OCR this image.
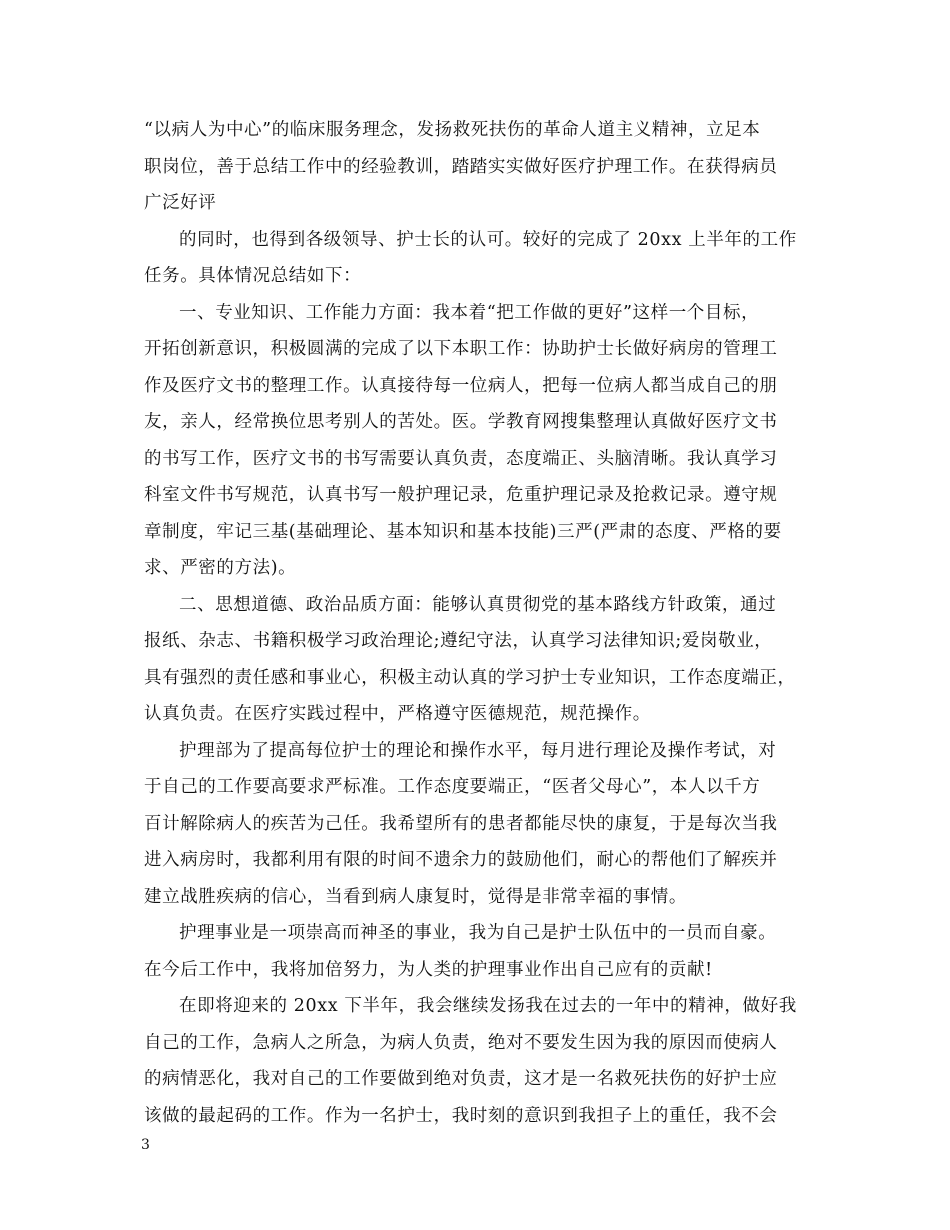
“以病人为中心”的临床服务理念，发扬救死扶伤的革命人道主义精神，立足本
职岗位，善于总结工作中的经验教训，踏踏实实做好医疗护理工作。在获得病员
广泛好评
的同时，也得到各级领导、护士长的认可。较好的完成了 20xx 上半年的工作
任务。具体情况总结如下：
一、专业知识、工作能力方面：我本着“把工作做的更好”这样一个目标，
开拓创新意识，积极圆满的完成了以下本职工作：协助护士长做好病房的管理工
作及医疗文书的整理工作。认真接待每一位病人，把每一位病人都当成自己的朋
友，亲人，经常换位思考别人的苦处。医。学教育网搜集整理认真做好医疗文书
的书写工作，医疗文书的书写需要认真负责，态度端正、头脑清晰。我认真学习
科室文件书写规范，认真书写一般护理记录，危重护理记录及抢救记录。遵守规
章制度，牢记三基(基础理论、基本知识和基本技能)三严(严肃的态度、严格的要
求、严密的方法)。
二、思想道德、政治品质方面：能够认真贯彻党的基本路线方针政策，通过
报纸、杂志、书籍积极学习政治理论;遵纪守法，认真学习法律知识;爱岗敬业，
具有强烈的责任感和事业心，积极主动认真的学习护士专业知识，工作态度端正，
认真负责。在医疗实践过程中，严格遵守医德规范，规范操作。
护理部为了提高每位护士的理论和操作水平，每月进行理论及操作考试，对
于自己的工作要高要求严标准。工作态度要端正，“医者父母心”，本人以千方
百计解除病人的疾苦为己任。我希望所有的患者都能尽快的康复，于是每次当我
进入病房时，我都利用有限的时间不遗余力的鼓励他们，耐心的帮他们了解疾并
建立战胜疾病的信心，当看到病人康复时，觉得是非常幸福的事情。
护理事业是一项崇高而神圣的事业，我为自己是护士队伍中的一员而自豪。
在今后工作中，我将加倍努力，为人类的护理事业作出自己应有的贡献!
在即将迎来的 20xx 下半年，我会继续发扬我在过去的一年中的精神，做好我
自己的工作，急病人之所急，为病人负责，绝对不要发生因为我的原因而使病人
的病情恶化，我对自己的工作要做到绝对负责，这才是一名救死扶伤的好护士应
该做的最起码的工作。作为一名护士，我时刻的意识到我担子上的重任，我不会
3
